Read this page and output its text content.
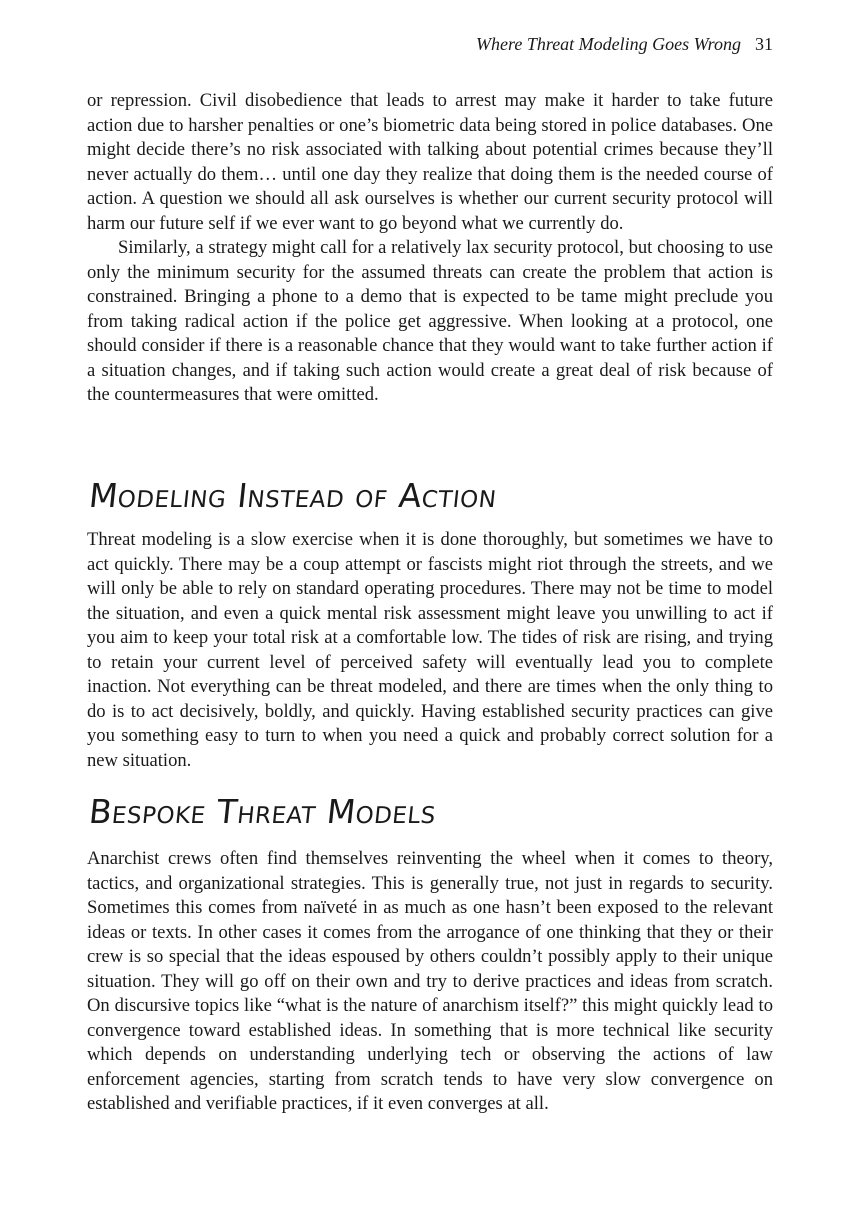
Where Threat Modeling Goes Wrong 31

or repression. Civil disobedience that leads to arrest may make it harder to take future action due to harsher penalties or one’s biometric data being stored in police databases. One might decide there’s no risk associated with talking about potential crimes because they’ll never actually do them… until one day they realize that doing them is the needed course of action. A question we should all ask ourselves is whether our current security protocol will harm our future self if we ever want to go beyond what we currently do.

Similarly, a strategy might call for a relatively lax security protocol, but choosing to use only the minimum security for the assumed threats can create the problem that action is constrained. Bringing a phone to a demo that is expected to be tame might preclude you from taking radical action if the police get aggressive. When looking at a protocol, one should consider if there is a reasonable chance that they would want to take further action if a situation changes, and if taking such action would create a great deal of risk because of the countermeasures that were omitted.

Modeling Instead of Action

Threat modeling is a slow exercise when it is done thoroughly, but sometimes we have to act quickly. There may be a coup attempt or fascists might riot through the streets, and we will only be able to rely on standard operating procedures. There may not be time to model the situation, and even a quick mental risk assessment might leave you unwilling to act if you aim to keep your total risk at a comfortable low. The tides of risk are rising, and trying to retain your current level of perceived safety will eventually lead you to complete inaction. Not everything can be threat modeled, and there are times when the only thing to do is to act decisively, boldly, and quickly. Having established security practices can give you something easy to turn to when you need a quick and probably correct solution for a new situation.

Bespoke Threat Models

Anarchist crews often find themselves reinventing the wheel when it comes to theory, tactics, and organizational strategies. This is generally true, not just in regards to security. Sometimes this comes from naïveté in as much as one hasn’t been exposed to the relevant ideas or texts. In other cases it comes from the arrogance of one thinking that they or their crew is so special that the ideas espoused by others couldn’t possibly apply to their unique situation. They will go off on their own and try to derive practices and ideas from scratch. On discursive topics like “what is the nature of anarchism itself?” this might quickly lead to convergence toward established ideas. In something that is more technical like security which depends on understanding underlying tech or observing the actions of law enforcement agencies, starting from scratch tends to have very slow convergence on established and verifiable practices, if it even converges at all.
